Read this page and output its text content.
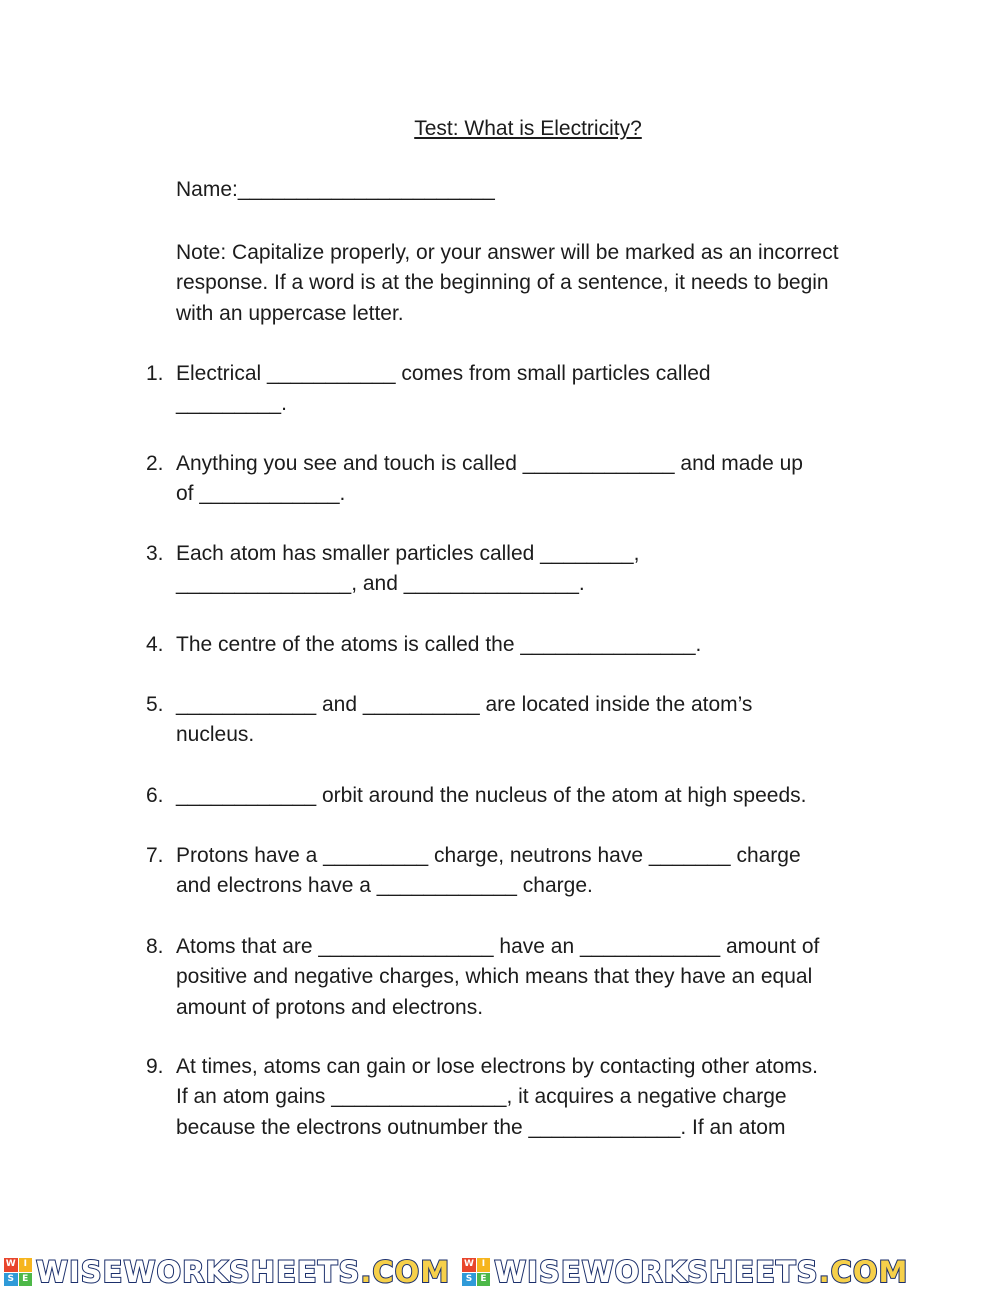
Test: What is Electricity?
Name:______________________
Note: Capitalize properly, or your answer will be marked as an incorrect response. If a word is at the beginning of a sentence, it needs to begin with an uppercase letter.
1. Electrical ___________ comes from small particles called
_________.
2. Anything you see and touch is called _____________ and made up
of ____________.
3. Each atom has smaller particles called ________,
_______________, and _______________.
4. The centre of the atoms is called the _______________.
5. ____________ and __________ are located inside the atom’s
nucleus.
6. ____________ orbit around the nucleus of the atom at high speeds.
7. Protons have a _________ charge, neutrons have _______ charge
and electrons have a ____________ charge.
8. Atoms that are _______________ have an ____________ amount of
positive and negative charges, which means that they have an equal
amount of protons and electrons.
9. At times, atoms can gain or lose electrons by contacting other atoms.
If an atom gains _______________, it acquires a negative charge
because the electrons outnumber the _____________. If an atom
W I
S E WISEWORKSHEETS.COM W I
S E WISEWORKSHEETS.COM
